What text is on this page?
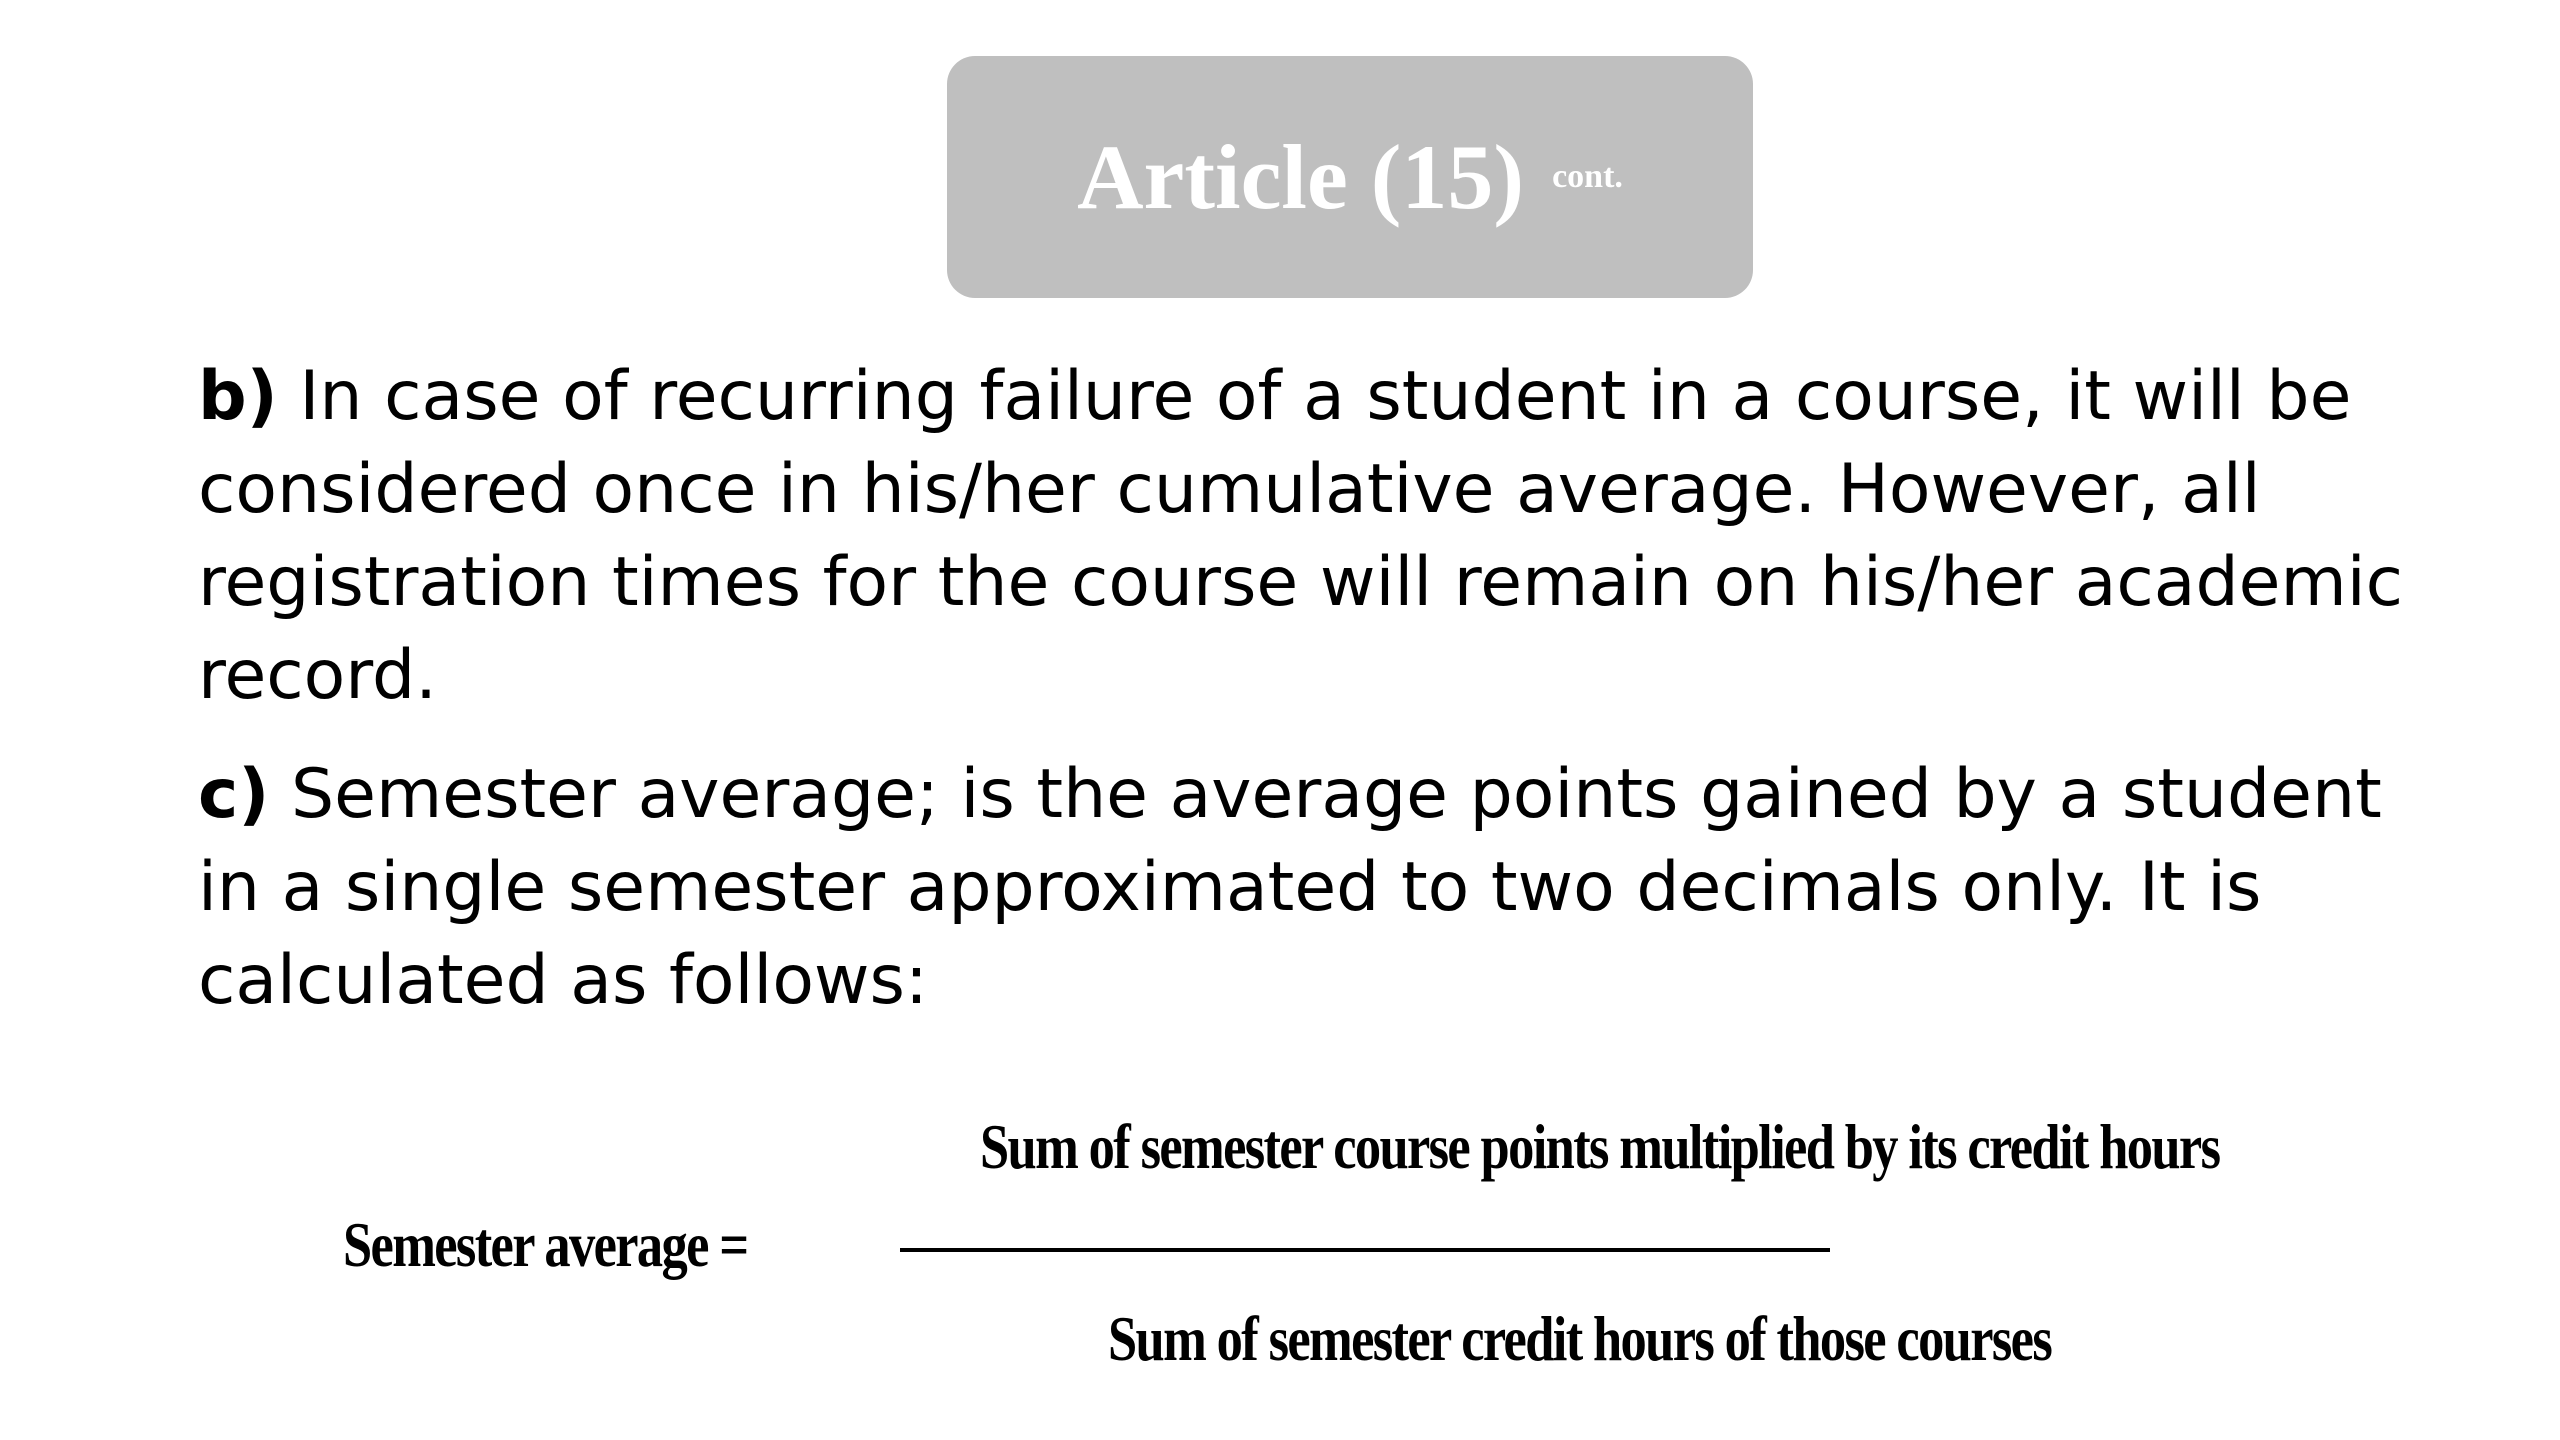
Article (15) cont.

b) In case of recurring failure of a student in a course, it will be considered once in his/her cumulative average. However, all registration times for the course will remain on his/her academic record.

c) Semester average; is the average points gained by a student in a single semester approximated to two decimals only. It is calculated as follows:

Sum of semester course points multiplied by its credit hours
Semester average =
Sum of semester credit hours of those courses
